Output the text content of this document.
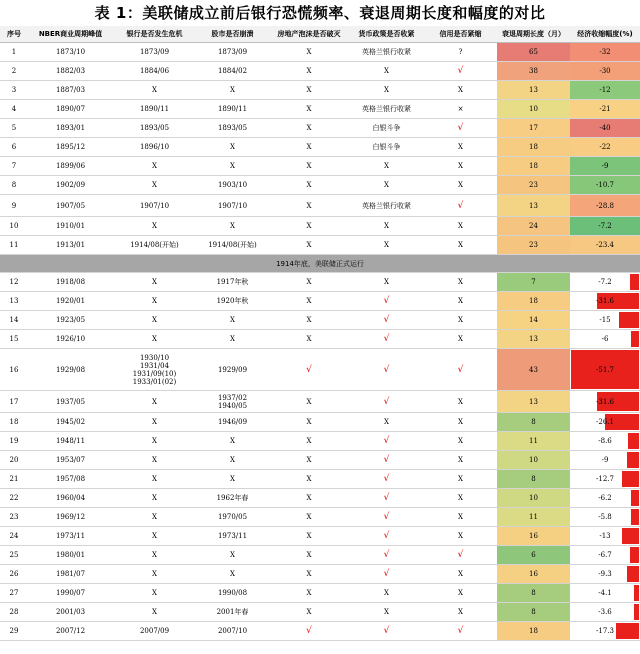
表 1：美联储成立前后银行恐慌频率、衰退周期长度和幅度的对比
序号	NBER商业周期峰值	银行是否发生危机	股市是否崩溃	房地产泡沫是否破灭	货币政策是否收紧	信用是否紧缩	衰退周期长度（月）	经济收缩幅度(%)
1	1873/10	1873/09	1873/09	X	英格兰银行收紧	?	65	-32
2	1882/03	1884/06	1884/02	X	X	√	38	-30
3	1887/03	X	X	X	X	X	13	-12
4	1890/07	1890/11	1890/11	X	英格兰银行收紧	×	10	-21
5	1893/01	1893/05	1893/05	X	白银斗争	√	17	-40
6	1895/12	1896/10	X	X	白银斗争	X	18	-22
7	1899/06	X	X	X	X	X	18	-9
8	1902/09	X	1903/10	X	X	X	23	-10.7
9	1907/05	1907/10	1907/10	X	英格兰银行收紧	√	13	-28.8
10	1910/01	X	X	X	X	X	24	-7.2
11	1913/01	1914/08(开始)	1914/08(开始)	X	X	X	23	-23.4
1914年底，美联储正式运行								
12	1918/08	X	1917年秋	X	X	X	7	-7.2
13	1920/01	X	1920年秋	X	√	X	18	-31.6
14	1923/05	X	X	X	√	X	14	-15
15	1926/10	X	X	X	√	X	13	-6
16	1929/08	1930/10
1931/04
1931/09(10)
1933/01(02)	1929/09	√	√	√	43	-51.7
17	1937/05	X	1937/02
1940/05	X	√	X	13	-31.6
18	1945/02	X	1946/09	X	X	X	8	-26.1
19	1948/11	X	X	X	√	X	11	-8.6
20	1953/07	X	X	X	√	X	10	-9
21	1957/08	X	X	X	√	X	8	-12.7
22	1960/04	X	1962年春	X	√	X	10	-6.2
23	1969/12	X	1970/05	X	√	X	11	-5.8
24	1973/11	X	1973/11	X	√	X	16	-13
25	1980/01	X	X	X	√	√	6	-6.7
26	1981/07	X	X	X	√	X	16	-9.3
27	1990/07	X	1990/08	X	X	X	8	-4.1
28	2001/03	X	2001年春	X	X	X	8	-3.6
29	2007/12	2007/09	2007/10	√	√	√	18	-17.3
